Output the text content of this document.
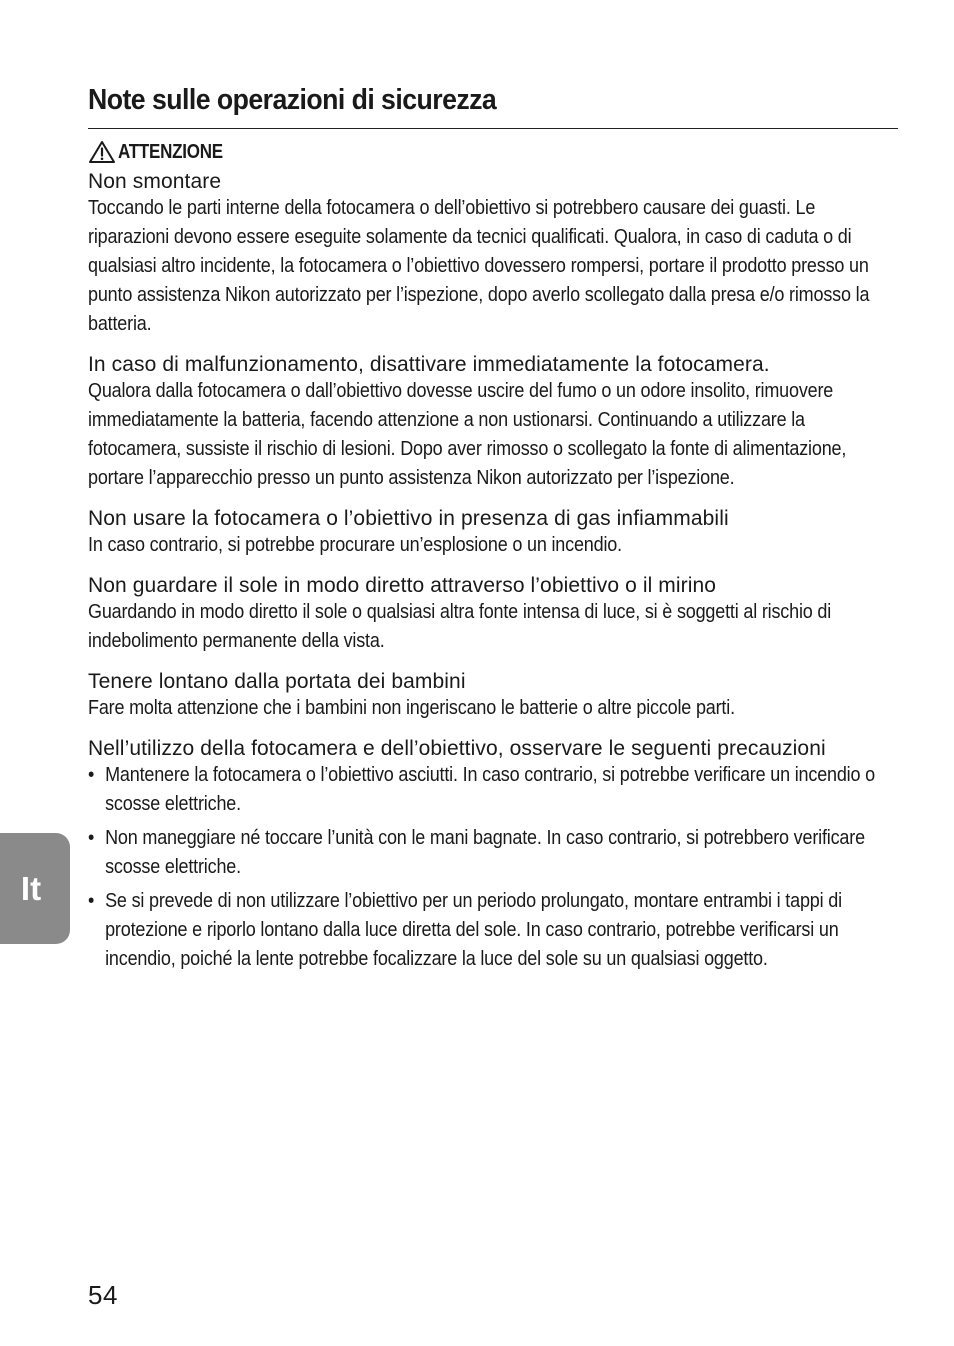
Note sulle operazioni di sicurezza
ATTENZIONE
Non smontare

Toccando le parti interne della fotocamera o dell’obiettivo si potrebbero causare dei guasti. Le riparazioni devono essere eseguite solamente da tecnici qualificati. Qualora, in caso di caduta o di qualsiasi altro incidente, la fotocamera o l’obiettivo dovessero rompersi, portare il prodotto presso un punto assistenza Nikon autorizzato per l’ispezione, dopo averlo scollegato dalla presa e/o rimosso la batteria.

In caso di malfunzionamento, disattivare immediatamente la fotocamera.

Qualora dalla fotocamera o dall’obiettivo dovesse uscire del fumo o un odore insolito, rimuovere immediatamente la batteria, facendo attenzione a non ustionarsi. Continuando a utilizzare la fotocamera, sussiste il rischio di lesioni. Dopo aver rimosso o scollegato la fonte di alimentazione, portare l’apparecchio presso un punto assistenza Nikon autorizzato per l’ispezione.

Non usare la fotocamera o l’obiettivo in presenza di gas infiammabili

In caso contrario, si potrebbe procurare un’esplosione o un incendio.

Non guardare il sole in modo diretto attraverso l’obiettivo o il mirino

Guardando in modo diretto il sole o qualsiasi altra fonte intensa di luce, si è soggetti al rischio di indebolimento permanente della vista.

Tenere lontano dalla portata dei bambini

Fare molta attenzione che i bambini non ingeriscano le batterie o altre piccole parti.

Nell’utilizzo della fotocamera e dell’obiettivo, osservare le seguenti precauzioni
• Mantenere la fotocamera o l’obiettivo asciutti. In caso contrario, si potrebbe verificare un incendio o scosse elettriche.
• Non maneggiare né toccare l’unità con le mani bagnate. In caso contrario, si potrebbero verificare scosse elettriche.
• Se si prevede di non utilizzare l’obiettivo per un periodo prolungato, montare entrambi i tappi di protezione e riporlo lontano dalla luce diretta del sole. In caso contrario, potrebbe verificarsi un incendio, poiché la lente potrebbe focalizzare la luce del sole su un qualsiasi oggetto.
It
54
